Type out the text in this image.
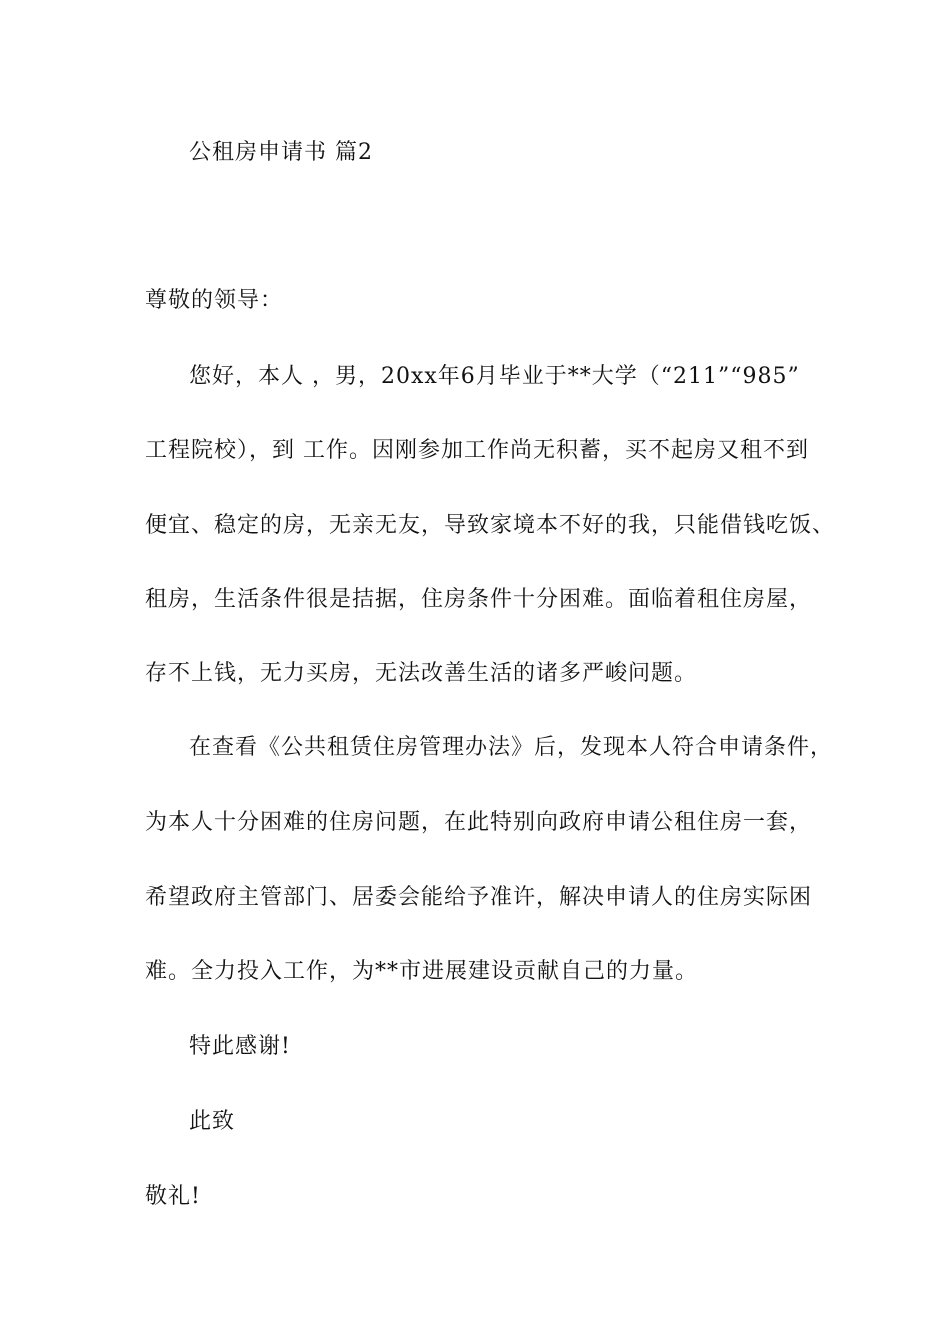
公租房申请书 篇2
尊敬的领导：
您好，本人 ，男，20xx年6月毕业于**大学（“211”“985”
工程院校），到 工作。因刚参加工作尚无积蓄，买不起房又租不到
便宜、稳定的房，无亲无友，导致家境本不好的我，只能借钱吃饭、
租房，生活条件很是拮据，住房条件十分困难。面临着租住房屋，
存不上钱，无力买房，无法改善生活的诸多严峻问题。
在查看《公共租赁住房管理办法》后，发现本人符合申请条件，
为本人十分困难的住房问题，在此特别向政府申请公租住房一套，
希望政府主管部门、居委会能给予准许，解决申请人的住房实际困
难。全力投入工作，为**市进展建设贡献自己的力量。
特此感谢!
此致
敬礼!
